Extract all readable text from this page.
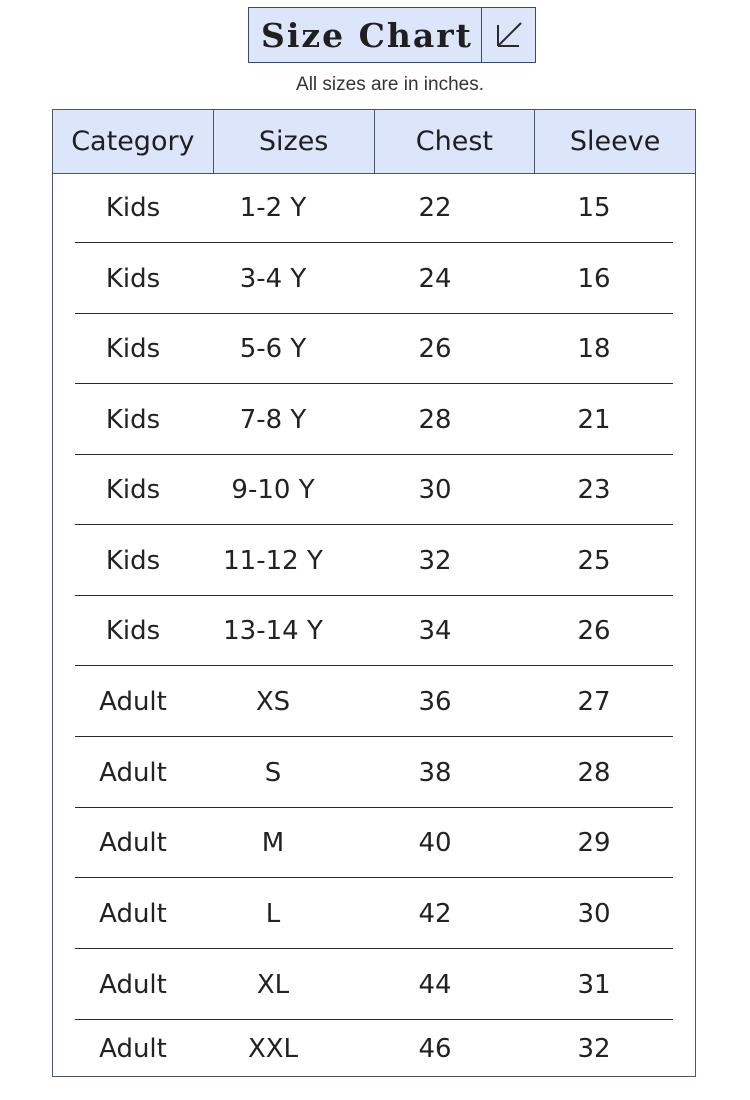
Size Chart
All sizes are in inches.
Category	Sizes	Chest	Sleeve
Kids	1-2 Y	22	15
Kids	3-4 Y	24	16
Kids	5-6 Y	26	18
Kids	7-8 Y	28	21
Kids	9-10 Y	30	23
Kids	11-12 Y	32	25
Kids	13-14 Y	34	26
Adult	XS	36	27
Adult	S	38	28
Adult	M	40	29
Adult	L	42	30
Adult	XL	44	31
Adult	XXL	46	32
